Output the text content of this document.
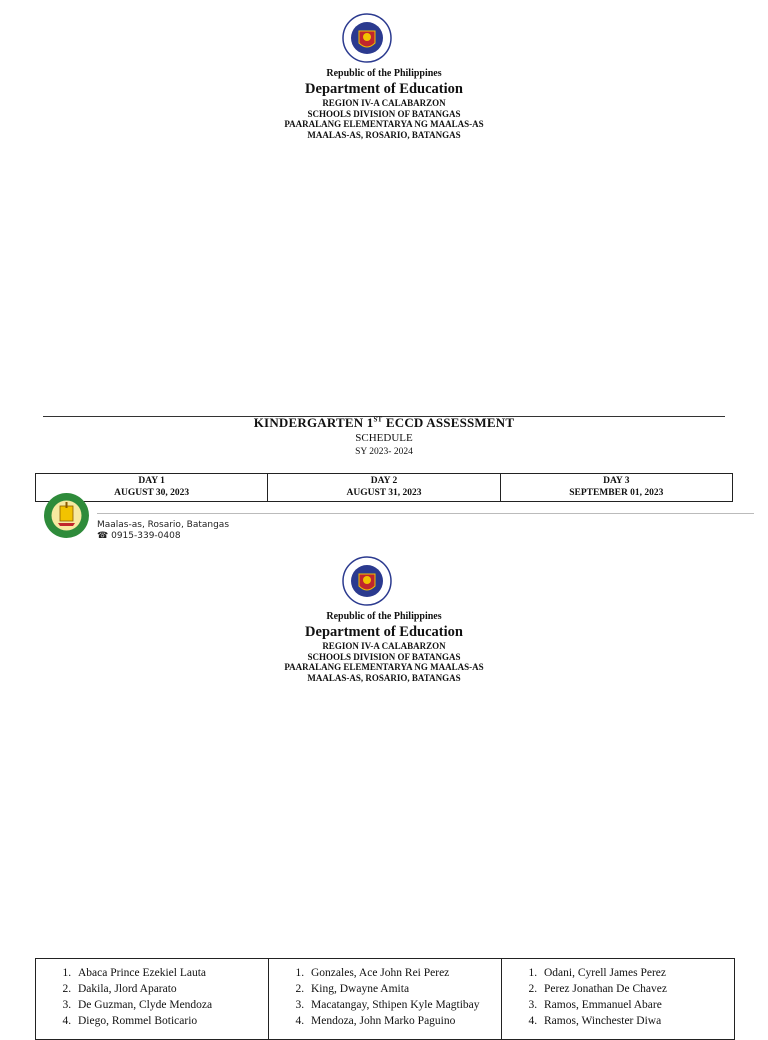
Republic of the Philippines
Department of Education
REGION IV-A CALABARZON
SCHOOLS DIVISION OF BATANGAS
PAARALANG ELEMENTARYA NG MAALAS-AS
MAALAS-AS, ROSARIO, BATANGAS
KINDERGARTEN 1ST ECCD ASSESSMENT
SCHEDULE
SY 2023- 2024
DAY 1
AUGUST 30, 2023

DAY 2
AUGUST 31, 2023

DAY 3
SEPTEMBER 01, 2023
Maalas-as, Rosario, Batangas
☎ 0915-339-0408
Republic of the Philippines
Department of Education
REGION IV-A CALABARZON
SCHOOLS DIVISION OF BATANGAS
PAARALANG ELEMENTARYA NG MAALAS-AS
MAALAS-AS, ROSARIO, BATANGAS
1. Abaca Prince Ezekiel Lauta
2. Dakila, Jlord Aparato
3. De Guzman, Clyde Mendoza
4. Diego, Rommel Boticario
1. Gonzales, Ace John Rei Perez
2. King, Dwayne Amita
3. Macatangay, Sthipen Kyle Magtibay
4. Mendoza, John Marko Paguino
1. Odani, Cyrell James Perez
2. Perez Jonathan De Chavez
3. Ramos, Emmanuel Abare
4. Ramos, Winchester Diwa
